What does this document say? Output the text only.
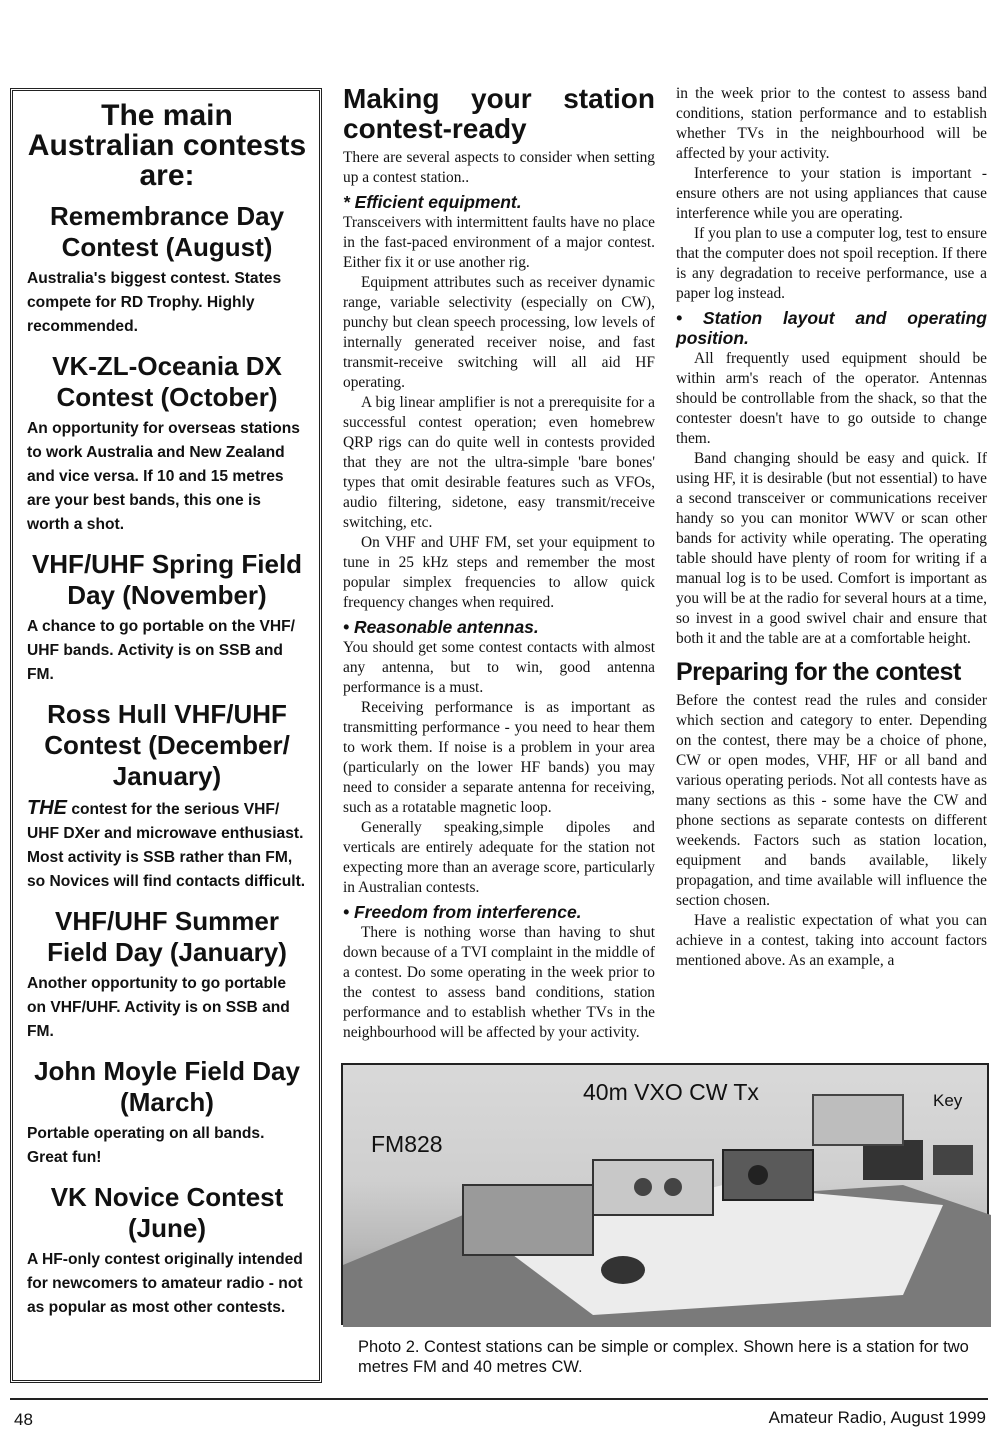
The main Australian contests are:
Remembrance Day Contest (August)

Australia's biggest contest. States compete for RD Trophy. Highly recommended.

VK-ZL-Oceania DX Contest (October)

An opportunity for overseas stations to work Australia and New Zealand and vice versa. If 10 and 15 metres are your best bands, this one is worth a shot.

VHF/UHF Spring Field Day (November)

A chance to go portable on the VHF/ UHF bands. Activity is on SSB and FM.

Ross Hull VHF/UHF Contest (December/ January)

THE contest for the serious VHF/ UHF DXer and microwave enthusiast. Most activity is SSB rather than FM, so Novices will find contacts difficult.

VHF/UHF Summer Field Day (January)

Another opportunity to go portable on VHF/UHF. Activity is on SSB and FM.

John Moyle Field Day (March)

Portable operating on all bands. Great fun!

VK Novice Contest (June)

A HF-only contest originally intended for newcomers to amateur radio - not as popular as most other contests.

Making your station contest-ready

There are several aspects to consider when setting up a contest station..

* Efficient equipment.

Transceivers with intermittent faults have no place in the fast-paced environment of a major contest. Either fix it or use another rig.

Equipment attributes such as receiver dynamic range, variable selectivity (especially on CW), punchy but clean speech processing, low levels of internally generated receiver noise, and fast transmit-receive switching will all aid HF operating.

A big linear amplifier is not a prerequisite for a successful contest operation; even homebrew QRP rigs can do quite well in contests provided that they are not the ultra-simple 'bare bones' types that omit desirable features such as VFOs, audio filtering, sidetone, easy transmit/receive switching, etc.

On VHF and UHF FM, set your equipment to tune in 25 kHz steps and remember the most popular simplex frequencies to allow quick frequency changes when required.

• Reasonable antennas.

You should get some contest contacts with almost any antenna, but to win, good antenna performance is a must.

Receiving performance is as important as transmitting performance - you need to hear them to work them. If noise is a problem in your area (particularly on the lower HF bands) you may need to consider a separate antenna for receiving, such as a rotatable magnetic loop.

Generally speaking,simple dipoles and verticals are entirely adequate for the station not expecting more than an average score, particularly in Australian contests.

• Freedom from interference.

There is nothing worse than having to shut down because of a TVI complaint in the middle of a contest. Do some operating in the week prior to the contest to assess band conditions, station performance and to establish whether TVs in the neighbourhood will be affected by your activity.

in the week prior to the contest to assess band conditions, station performance and to establish whether TVs in the neighbourhood will be affected by your activity.

Interference to your station is important - ensure others are not using appliances that cause interference while you are operating.

If you plan to use a computer log, test to ensure that the computer does not spoil reception. If there is any degradation to receive performance, use a paper log instead.

• Station layout and operating position.

All frequently used equipment should be within arm's reach of the operator. Antennas should be controllable from the shack, so that the contester doesn't have to go outside to change them.

Band changing should be easy and quick. If using HF, it is desirable (but not essential) to have a second transceiver or communications receiver handy so you can monitor WWV or scan other bands for activity while operating. The operating table should have plenty of room for writing if a manual log is to be used. Comfort is important as you will be at the radio for several hours at a time, so invest in a good swivel chair and ensure that both it and the table are at a comfortable height.

Preparing for the contest

Before the contest read the rules and consider which section and category to enter. Depending on the contest, there may be a choice of phone, CW or open modes, VHF, HF or all band and various operating periods. Not all contests have as many sections as this - some have the CW and phone sections as separate contests on different weekends. Factors such as station location, equipment and bands available, likely propagation, and time available will influence the section chosen.

Have a realistic expectation of what you can achieve in a contest, taking into account factors mentioned above. As an example, a

40m VXO CW Tx
FM828
Key
Photo 2. Contest stations can be simple or complex. Shown here is a station for two metres FM and 40 metres CW.
48	Amateur Radio, August 1999
